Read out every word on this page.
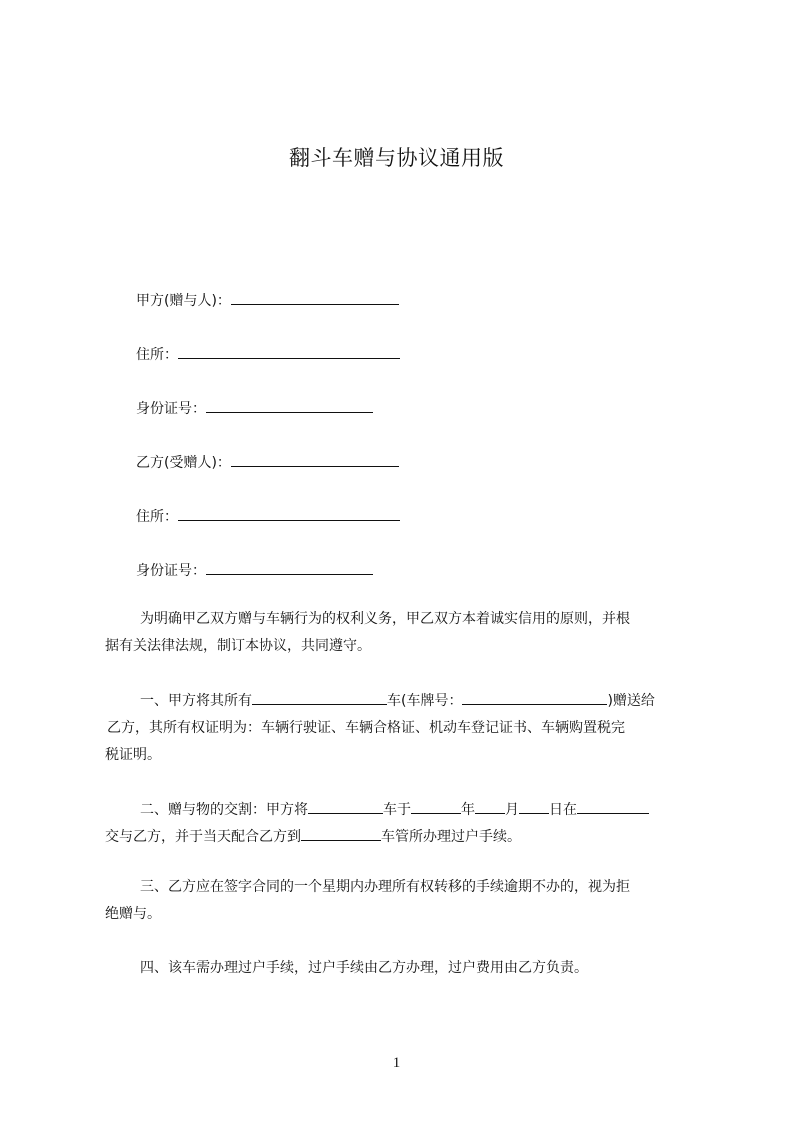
翻斗车赠与协议通用版
甲方(赠与人)：
住所：
身份证号：
乙方(受赠人)：
住所：
身份证号：
为明确甲乙双方赠与车辆行为的权利义务，甲乙双方本着诚实信用的原则，并根
据有关法律法规，制订本协议，共同遵守。
一、甲方将其所有	车(车牌号：	)赠送给
乙方，其所有权证明为：车辆行驶证、车辆合格证、机动车登记证书、车辆购置税完
税证明。
二、赠与物的交割：甲方将	车于	年 月 日在
交与乙方，并于当天配合乙方到	车管所办理过户手续。
三、乙方应在签字合同的一个星期内办理所有权转移的手续逾期不办的，视为拒
绝赠与。
四、该车需办理过户手续，过户手续由乙方办理，过户费用由乙方负责。
1
